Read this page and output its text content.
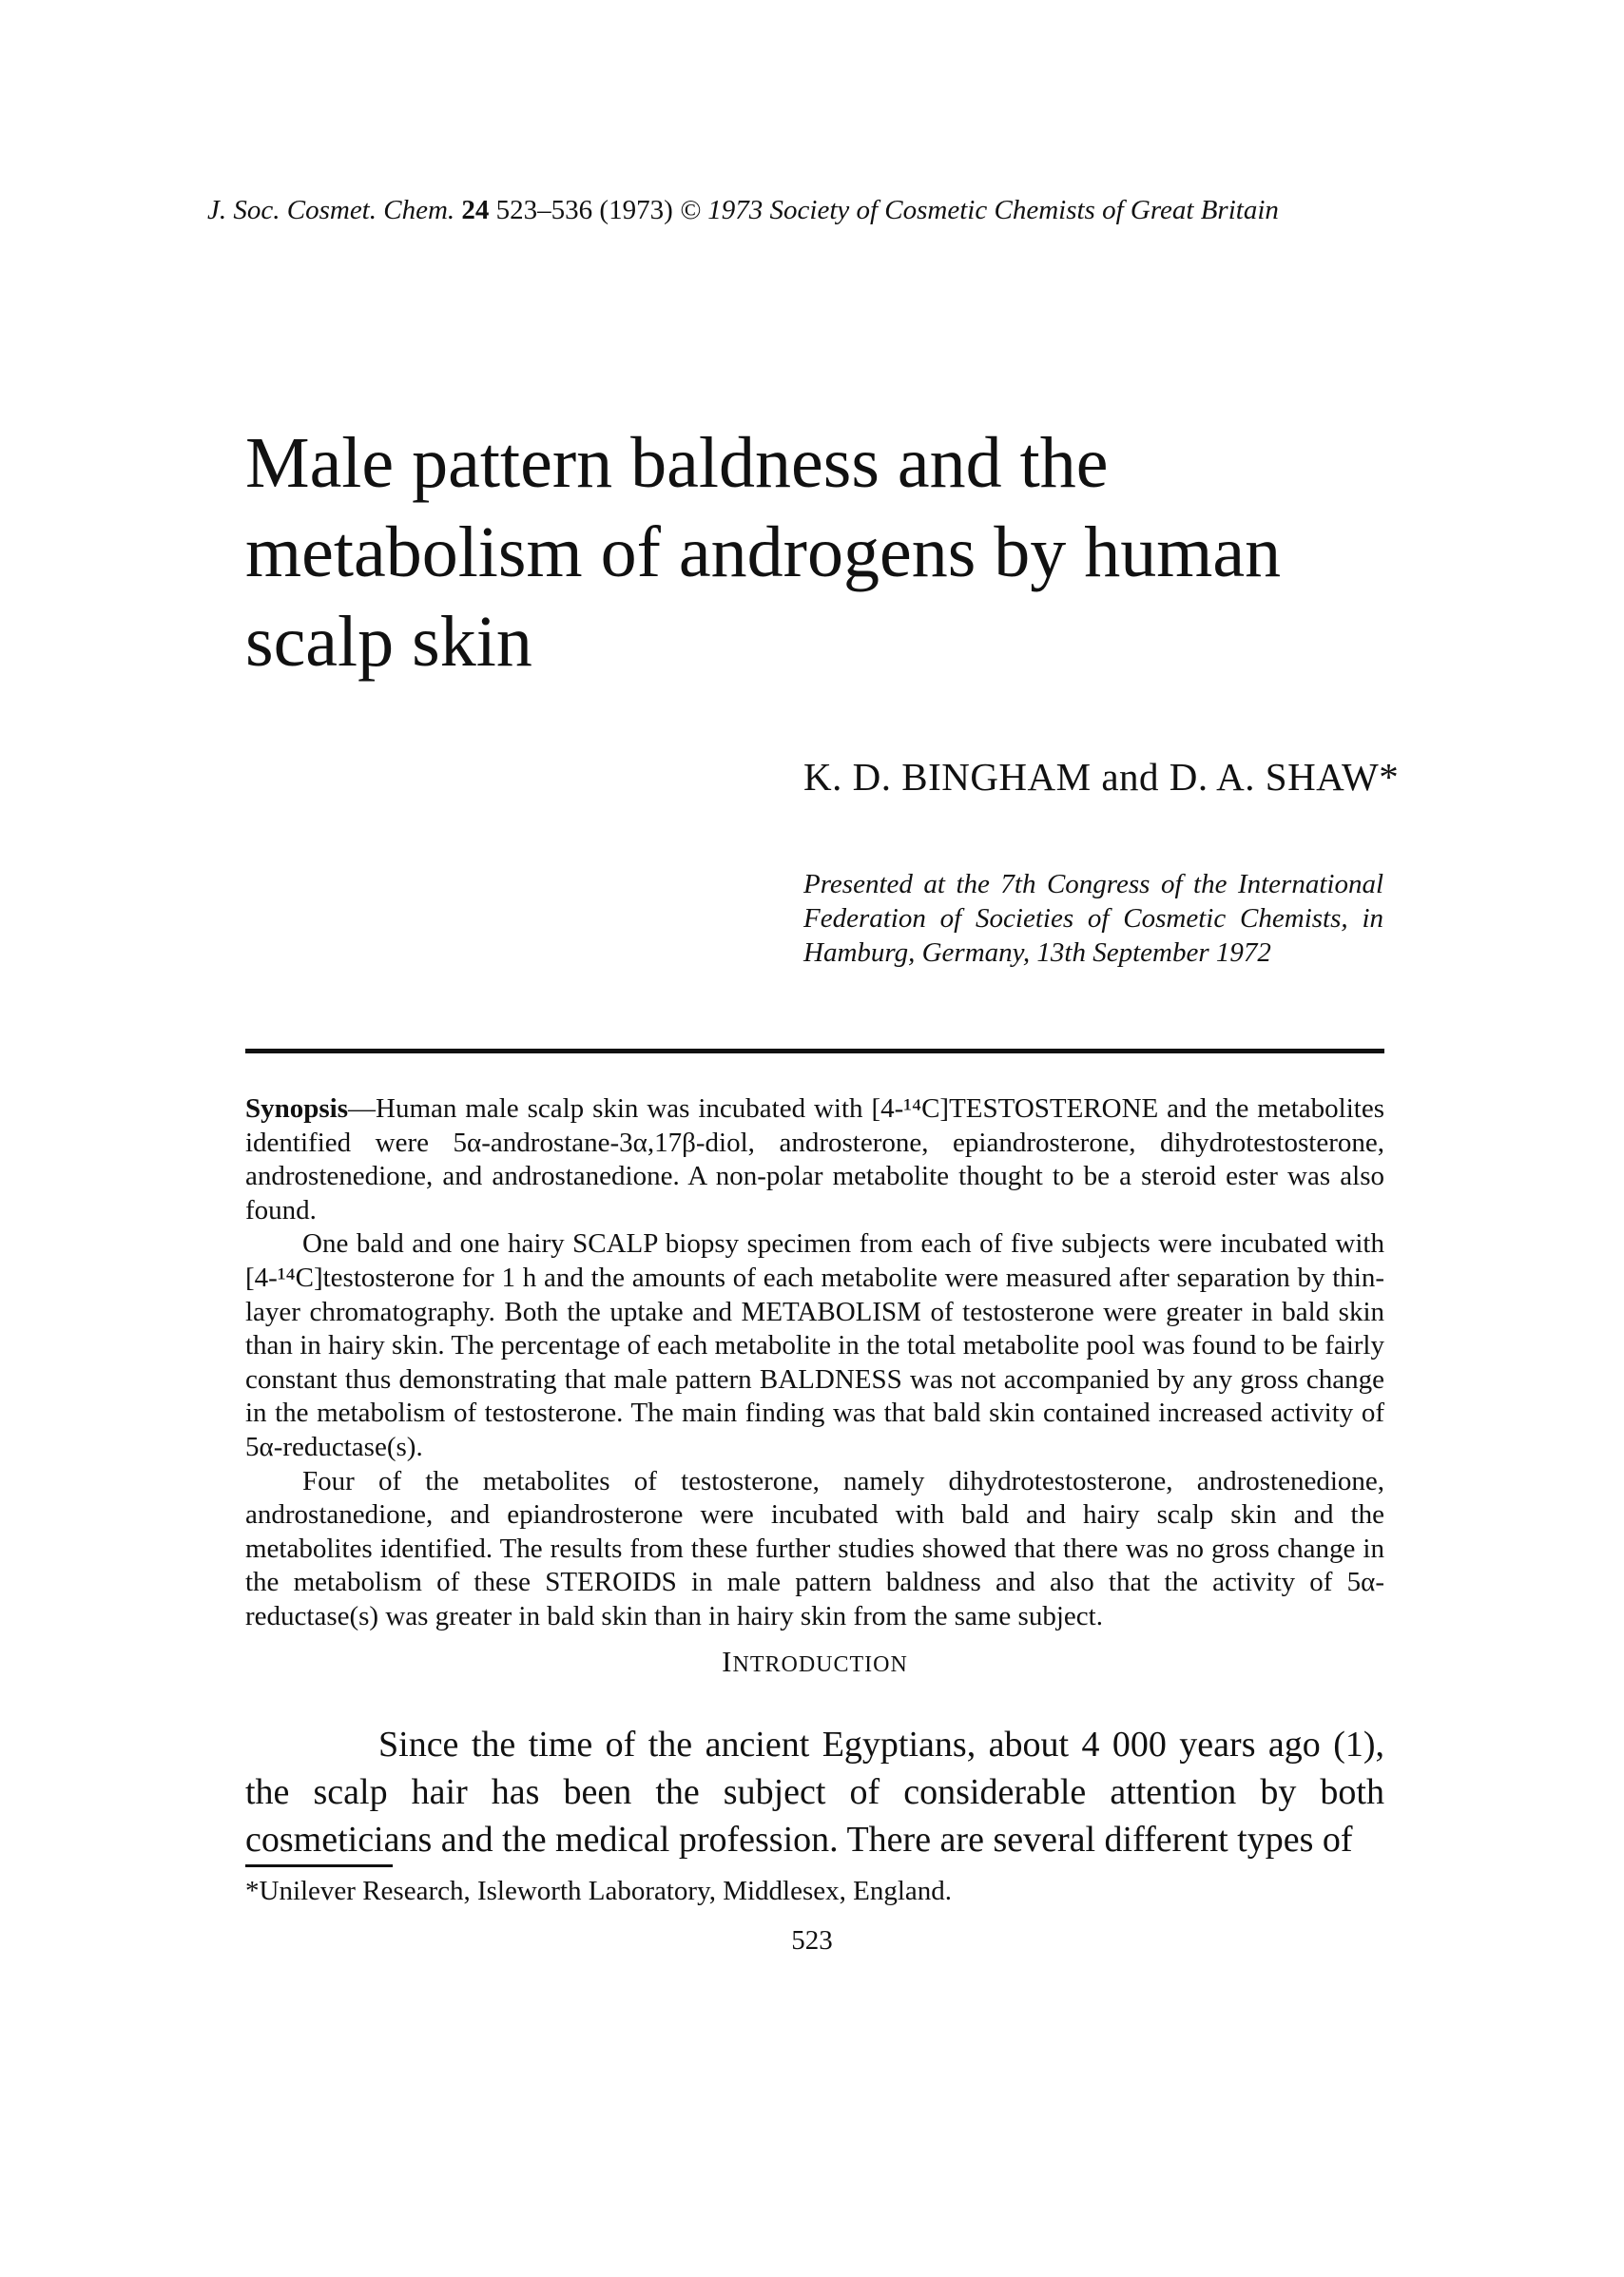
J. Soc. Cosmet. Chem. 24 523–536 (1973) © 1973 Society of Cosmetic Chemists of Great Britain
Male pattern baldness and the metabolism of androgens by human scalp skin
K. D. BINGHAM and D. A. SHAW*
Presented at the 7th Congress of the International Federation of Societies of Cosmetic Chemists, in Hamburg, Germany, 13th September 1972

Synopsis—Human male scalp skin was incubated with [4-¹⁴C]TESTOSTERONE and the metabolites identified were 5α-androstane-3α,17β-diol, androsterone, epiandrosterone, dihydrotestosterone, androstenedione, and androstanedione. A non-polar metabolite thought to be a steroid ester was also found.

One bald and one hairy SCALP biopsy specimen from each of five subjects were incubated with [4-¹⁴C]testosterone for 1 h and the amounts of each metabolite were measured after separation by thin-layer chromatography. Both the uptake and METABOLISM of testosterone were greater in bald skin than in hairy skin. The percentage of each metabolite in the total metabolite pool was found to be fairly constant thus demonstrating that male pattern BALDNESS was not accompanied by any gross change in the metabolism of testosterone. The main finding was that bald skin contained increased activity of 5α-reductase(s).

Four of the metabolites of testosterone, namely dihydrotestosterone, androstenedione, androstanedione, and epiandrosterone were incubated with bald and hairy scalp skin and the metabolites identified. The results from these further studies showed that there was no gross change in the metabolism of these STEROIDS in male pattern baldness and also that the activity of 5α-reductase(s) was greater in bald skin than in hairy skin from the same subject.

INTRODUCTION

Since the time of the ancient Egyptians, about 4 000 years ago (1), the scalp hair has been the subject of considerable attention by both cosmeticians and the medical profession. There are several different types of

*Unilever Research, Isleworth Laboratory, Middlesex, England.
523
